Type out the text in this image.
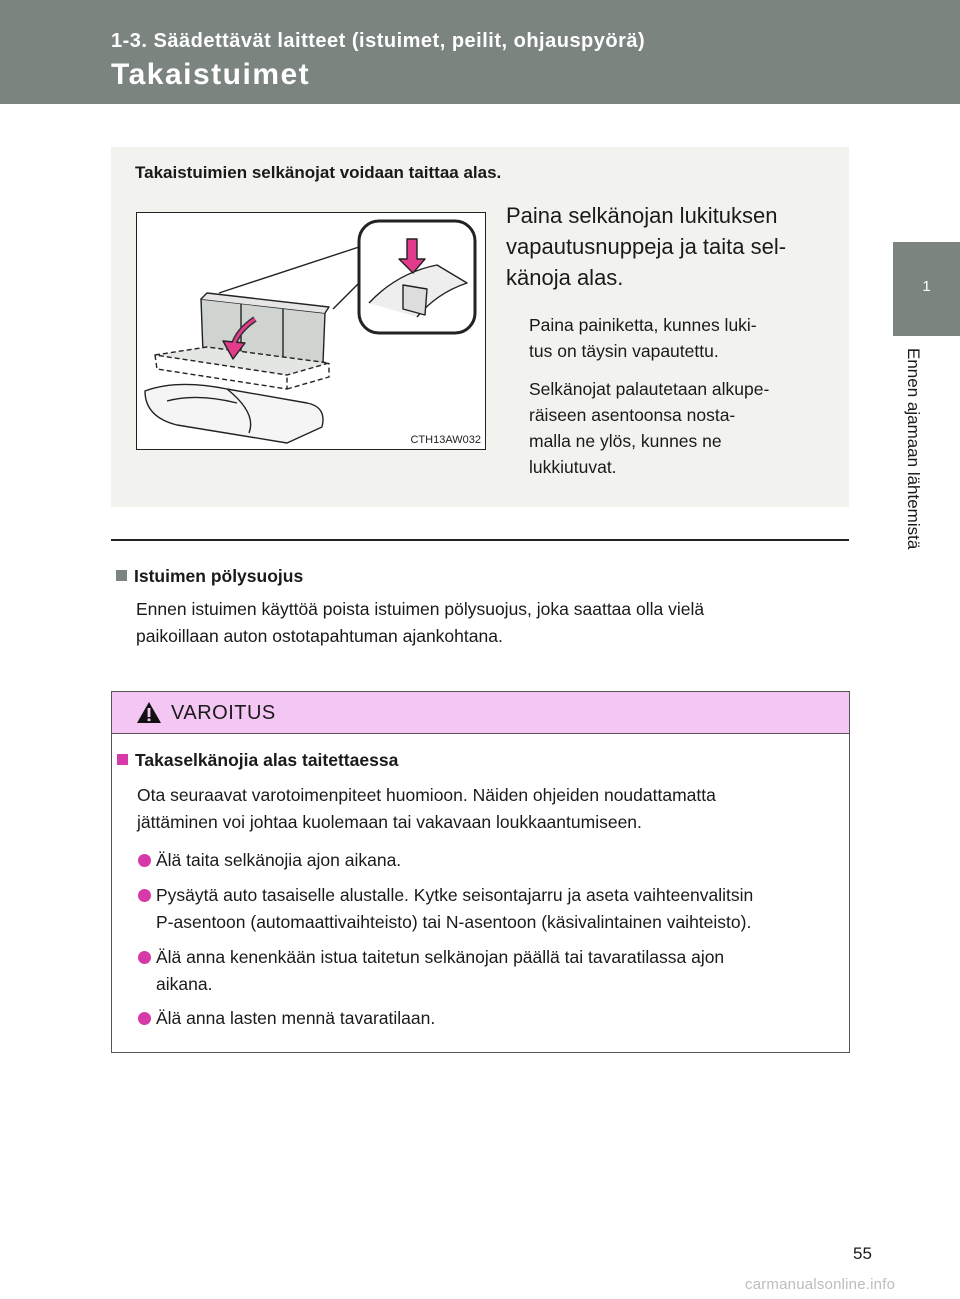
1-3. Säädettävät laitteet (istuimet, peilit, ohjauspyörä)
Takaistuimet
1
Ennen ajamaan lähtemistä
Takaistuimien selkänojat voidaan taittaa alas.
CTH13AW032
Paina selkänojan lukituksen
vapautusnuppeja ja taita sel-
känoja alas.
Paina painiketta, kunnes luki-
tus on täysin vapautettu.
Selkänojat palautetaan alkupe-
räiseen asentoonsa nosta-
malla ne ylös, kunnes ne
lukkiutuvat.
Istuimen pölysuojus
Ennen istuimen käyttöä poista istuimen pölysuojus, joka saattaa olla vielä
paikoillaan auton ostotapahtuman ajankohtana.
VAROITUS
Takaselkänojia alas taitettaessa
Ota seuraavat varotoimenpiteet huomioon. Näiden ohjeiden noudattamatta
jättäminen voi johtaa kuolemaan tai vakavaan loukkaantumiseen.
Älä taita selkänojia ajon aikana.
Pysäytä auto tasaiselle alustalle. Kytke seisontajarru ja aseta vaihteenvalitsin
P-asentoon (automaattivaihteisto) tai N-asentoon (käsivalintainen vaihteisto).
Älä anna kenenkään istua taitetun selkänojan päällä tai tavaratilassa ajon
aikana.
Älä anna lasten mennä tavaratilaan.
55
carmanualsonline.info
